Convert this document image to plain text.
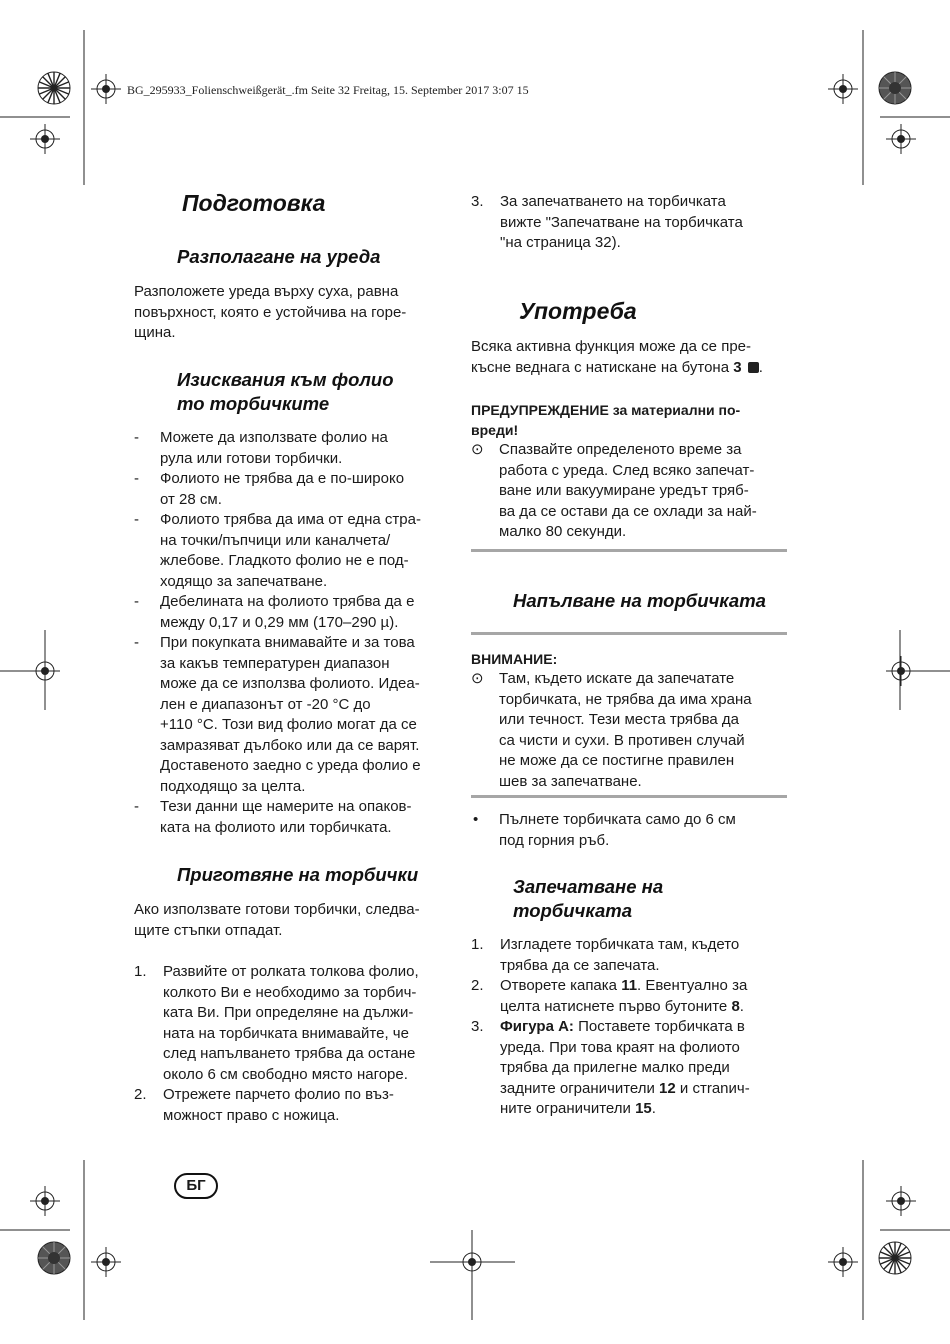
BG_295933_Folienschweißgerät_.fm Seite 32 Freitag, 15. September 2017 3:07 15
Подготовка
Разполагане на уреда
Разположете уреда върху суха, равна
повърхност, която е устойчива на горе-
щина.
Изисквания към фолио
то торбичките
- Можете да използвате фолио на
рула или готови торбички.
- Фолиото не трябва да е по-широко
от 28 см.
- Фолиото трябва да има от една стра-
на точки/пъпчици или каналчета/
жлебове. Гладкото фолио не е под-
ходящо за запечатване.
- Дебелината на фолиото трябва да е
между 0,17 и 0,29 мм (170–290 µ).
- При покупката внимавайте и за това
за какъв температурен диапазон
може да се използва фолиото. Идеа-
лен е диапазонът от -20 °C до
+110 °C. Този вид фолио могат да се
замразяват дълбоко или да се варят.
Доставеното заедно с уреда фолио е
подходящо за целта.
- Тези данни ще намерите на опаков-
ката на фолиото или торбичката.
Приготвяне на торбички
Ако използвате готови торбички, следва-
щите стъпки отпадат.
1. Развийте от ролката толкова фолио,
колкото Ви е необходимо за торбич-
ката Ви. При определяне на дължи-
ната на торбичката внимавайте, че
след напълването трябва да остане
около 6 см свободно място нагоре.
2. Отрежете парчето фолио по въз-
можност право с ножица.
3. За запечатването на торбичката
вижте "Запечатване на торбичката
"на страница 32).
Употреба
Всяка активна функция може да се пре-
късне веднага с натискане на бутона 3 .
ПРЕДУПРЕЖДЕНИЕ за материални по-
вреди!
⊙ Спазвайте определеното време за
работа с уреда. След всяко запечат-
ване или вакуумиране уредът тряб-
ва да се остави да се охлади за най-
малко 80 секунди.
Напълване на торбичката
ВНИМАНИЕ:
⊙ Там, където искате да запечатате
торбичката, не трябва да има храна
или течност. Тези места трябва да
са чисти и сухи. В противен случай
не може да се постигне правилен
шев за запечатване.
• Пълнете торбичката само до 6 см
под горния ръб.
Запечатване на
торбичката
1. Изгладете торбичката там, където
трябва да се запечата.
2. Отворете капака 11. Евентуално за
целта натиснете първо бутоните 8.
3. Фигура A: Поставете торбичката в
уреда. При това краят на фолиото
трябва да прилегне малко преди
задните ограничители 12 и стranич-
ните ограничители 15.
БГ
